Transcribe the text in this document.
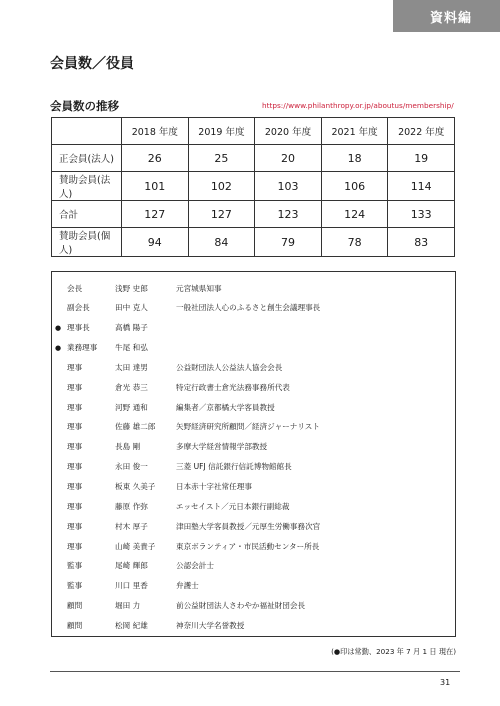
資料編
会員数／役員
会員数の推移	https://www.philanthropy.or.jp/aboutus/membership/
	2018 年度	2019 年度	2020 年度	2021 年度	2022 年度
正会員(法人)	26	25	20	18	19
賛助会員(法人)	101	102	103	106	114
合計	127	127	123	124	133
賛助会員(個人)	94	84	79	78	83
会長	浅野 史郎	元宮城県知事
副会長	田中 克人	一般社団法人心のふるさと創生会議理事長
● 理事長	高橋 陽子
● 業務理事	牛尾 和弘
理事	太田 達男	公益財団法人公益法人協会会長
理事	倉光 恭三	特定行政書士倉光法務事務所代表
理事	河野 通和	編集者／京都橘大学客員教授
理事	佐藤 雄二郎	矢野経済研究所顧問／経済ジャーナリスト
理事	長島 剛	多摩大学経営情報学部教授
理事	永田 俊一	三菱 UFJ 信託銀行信託博物館館長
理事	板東 久美子	日本赤十字社常任理事
理事	藤原 作弥	エッセイスト／元日本銀行副総裁
理事	村木 厚子	津田塾大学客員教授／元厚生労働事務次官
理事	山崎 美貴子	東京ボランティア・市民活動センター所長
監事	尾崎 輝郎	公認会計士
監事	川口 里香	弁護士
顧問	堀田 力	前公益財団法人さわやか福祉財団会長
顧問	松岡 紀雄	神奈川大学名誉教授
(●印は常勤、2023 年 7 月 1 日 現在)
31
